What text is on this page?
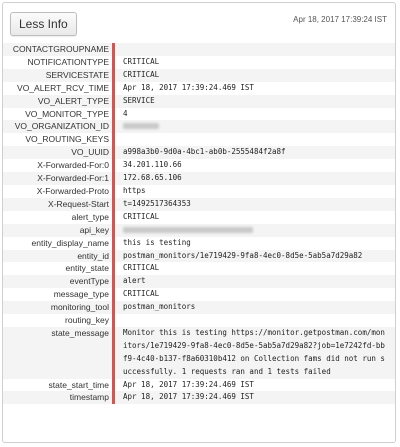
Less Info	Apr 18, 2017 17:39:24 IST
CONTACTGROUPNAME
NOTIFICATIONTYPE	CRITICAL
SERVICESTATE	CRITICAL
VO_ALERT_RCV_TIME	Apr 18, 2017 17:39:24.469 IST
VO_ALERT_TYPE	SERVICE
VO_MONITOR_TYPE	4
VO_ORGANIZATION_ID
VO_ROUTING_KEYS
VO_UUID	a998a3b0-9d0a-4bc1-ab0b-2555484f2a8f
X-Forwarded-For:0	34.201.110.66
X-Forwarded-For:1	172.68.65.106
X-Forwarded-Proto	https
X-Request-Start	t=1492517364353
alert_type	CRITICAL
api_key
entity_display_name	this is testing
entity_id	postman_monitors/1e719429-9fa8-4ec0-8d5e-5ab5a7d29a82
entity_state	CRITICAL
eventType	alert
message_type	CRITICAL
monitoring_tool	postman_monitors
routing_key
state_message	Monitor this is testing https://monitor.getpostman.com/monitors/1e719429-9fa8-4ec0-8d5e-5ab5a7d29a82?job=1e7242fd-bbf9-4c40-b137-f8a60310b412 on Collection fams did not run successfully. 1 requests ran and 1 tests failed
state_start_time	Apr 18, 2017 17:39:24.469 IST
timestamp	Apr 18, 2017 17:39:24.469 IST
